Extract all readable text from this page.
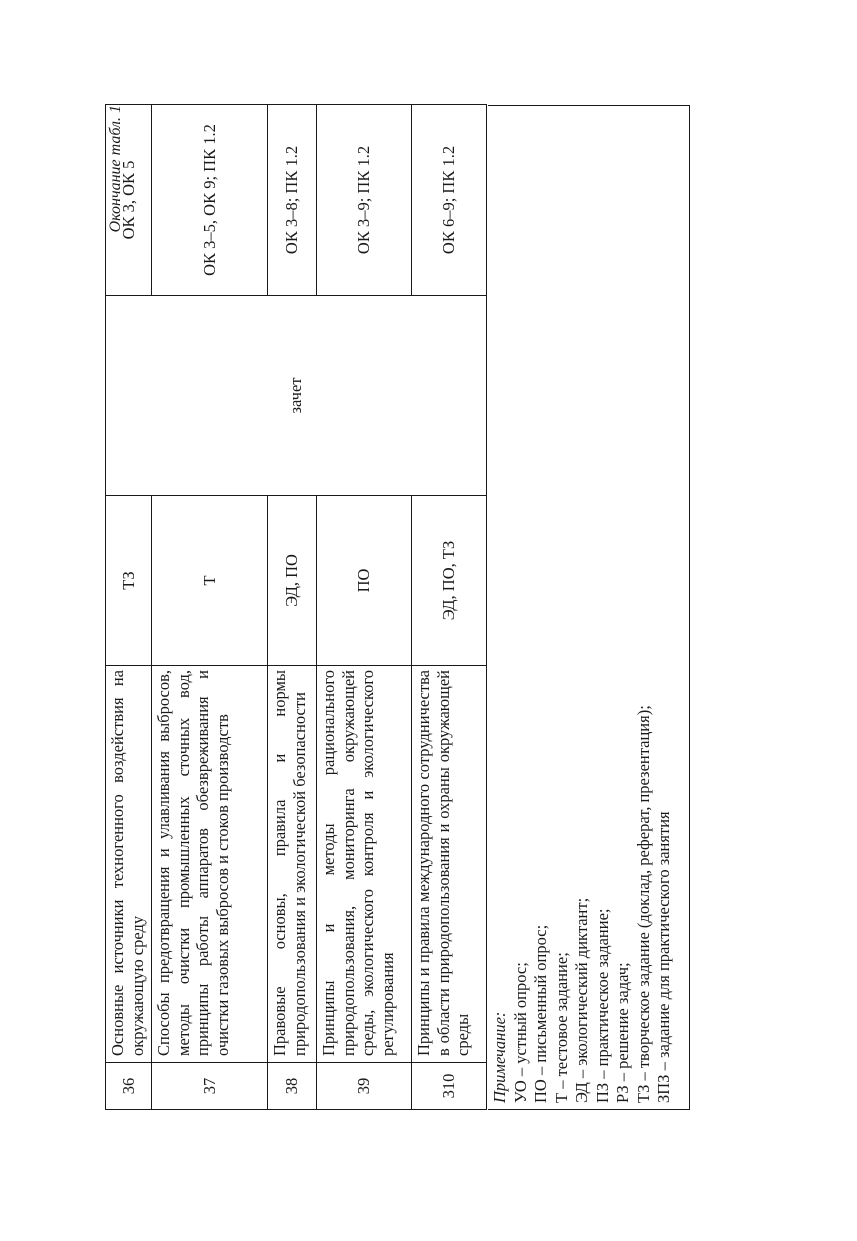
Окончание табл. 1
36	Основные источники техногенного воздействия на окружающую среду	ТЗ	зачет	ОК 3, ОК 5
37	Способы предотвращения и улавливания выбросов, методы очистки промышленных сточных вод, принципы работы аппаратов обезвреживания и очистки газовых выбросов и стоков производств	Т		ОК 3–5, ОК 9; ПК 1.2
38	Правовые основы, правила и нормы природопользования и экологической безопасности	ЭД, ПО		ОК 3–8; ПК 1.2
39	Принципы и методы рационального природопользования, мониторинга окружающей среды, экологического контроля и экологического регулирования	ПО		ОК 3–9; ПК 1.2
310	Принципы и правила международного сотрудничества в области природопользования и охраны окружающей среды	ЭД, ПО, ТЗ		ОК 6–9; ПК 1.2
Примечание: УО – устный опрос; ПО – письменный опрос; Т – тестовое задание; ЭД – экологический диктант; ПЗ – практическое задание; РЗ – решение задач; ТЗ – творческое задание (доклад, реферат, презентация); ЗПЗ – задание для практического занятия
